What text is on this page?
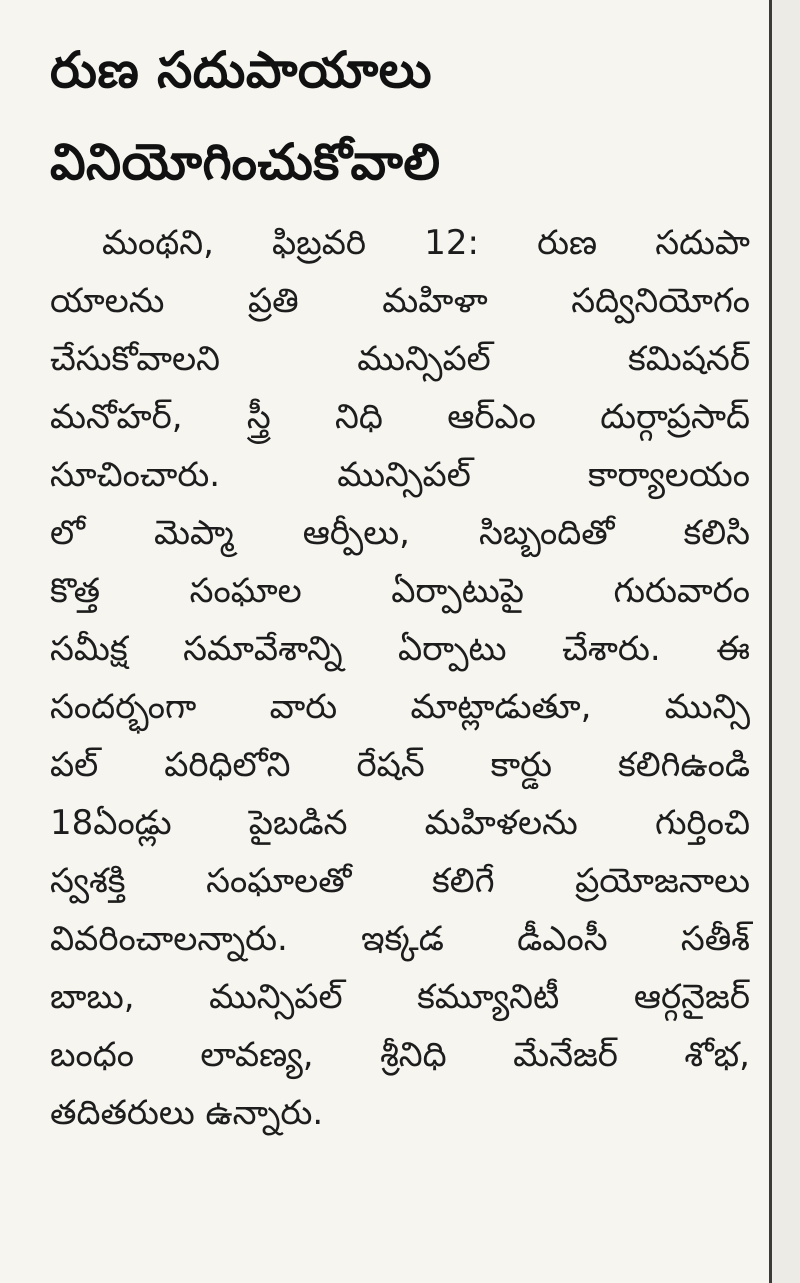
రుణ సదుపాయాలు
వినియోగించుకోవాలి
మంథని, ఫిబ్రవరి 12: రుణ సదుపా
యాలను ప్రతి మహిళా సద్వినియోగం
చేసుకోవాలని మున్సిపల్ కమిషనర్
మనోహర్, స్త్రీ నిధి ఆర్‌ఎం దుర్గాప్రసాద్
సూచించారు. మున్సిపల్ కార్యాలయం
లో మెప్మా ఆర్పీలు, సిబ్బందితో కలిసి
కొత్త సంఘాల ఏర్పాటుపై గురువారం
సమీక్ష సమావేశాన్ని ఏర్పాటు చేశారు. ఈ
సందర్భంగా వారు మాట్లాడుతూ, మున్సి
పల్ పరిధిలోని రేషన్ కార్డు కలిగిఉండి
18ఏండ్లు పైబడిన మహిళలను గుర్తించి
స్వశక్తి సంఘాలతో కలిగే ప్రయోజనాలు
వివరించాలన్నారు. ఇక్కడ డీఎంసీ సతీశ్
బాబు, మున్సిపల్ కమ్యూనిటీ ఆర్గనైజర్
బంధం లావణ్య, శ్రీనిధి మేనేజర్ శోభ,
తదితరులు ఉన్నారు.
